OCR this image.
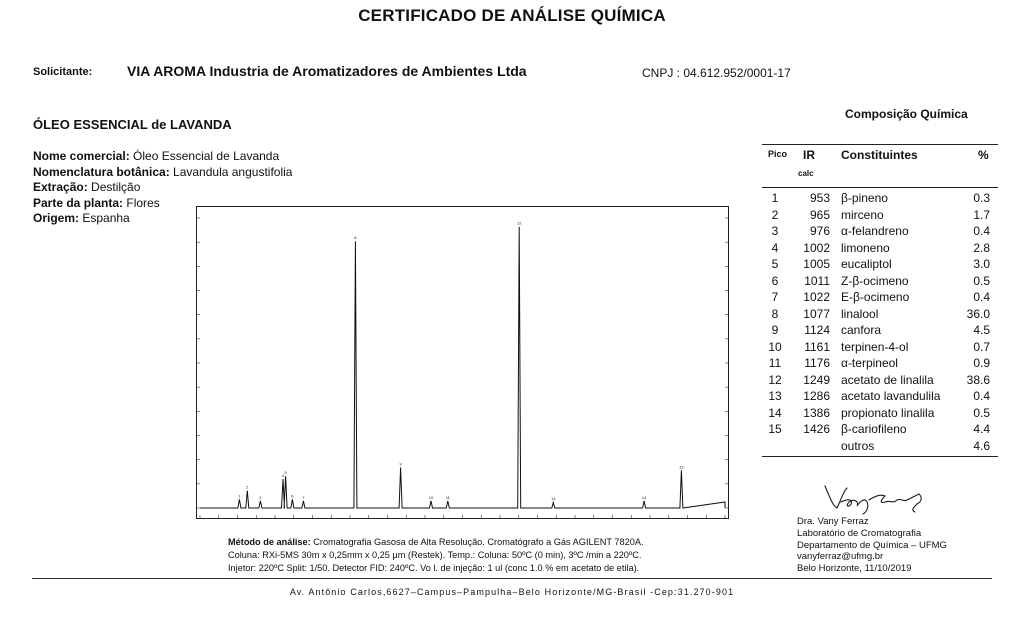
CERTIFICADO DE ANÁLISE QUÍMICA
Solicitante: VIA AROMA Industria de Aromatizadores de Ambientes Ltda	CNPJ : 04.612.952/0001-17
ÓLEO ESSENCIAL de LAVANDA
Composição Química
Nome comercial: Óleo Essencial de Lavanda
Nomenclatura botânica: Lavandula angustifolia
Extração: Destilção
Parte da planta: Flores
Origem: Espanha
Pico IR
calc
Constituintes	%
1	953 β-pineno	0.3
2	965 mirceno	1.7
3	976 α-felandreno	0.4
4	1002 limoneno	2.8
5	1005 eucaliptol	3.0
6	1011 Z-β-ocimeno	0.5
7	1022 E-β-ocimeno	0.4
8	1077 linalool	36.0
9	1124 canfora	4.5
10	1161 terpinen-4-ol	0.7
11	1176 α-terpineol	0.9
12	1249 acetato de linalila	38.6
13	1286 acetato lavandulila	0.4
14	1386 propionato linalila	0.5
15	1426 β-cariofileno	4.4
outros	4.6
1
2
3
4
5
6 7
8
9
10	11
12
13	14
15
Método de análise: Cromatografia Gasosa de Alta Resolução. Cromatógrafo a Gás AGILENT 7820A.
Coluna: RXi-5MS 30m x 0,25mm x 0,25 μm (Restek). Temp.: Coluna: 50ºC (0 min), 3ºC /min a 220ºC.
Injetor: 220ºC Split: 1/50. Detector FID: 240ºC. Vo l. de injeção: 1 ul (conc 1.0 % em acetato de etila).
Dra. Vany Ferraz
Laboratório de Cromatografia
Departamento de Química – UFMG
vanyferraz@ufmg.br
Belo Horizonte, 11/10/2019
Av. Antônio Carlos,6627–Campus–Pampulha–Belo Horizonte/MG-Brasil -Cep:31.270-901
